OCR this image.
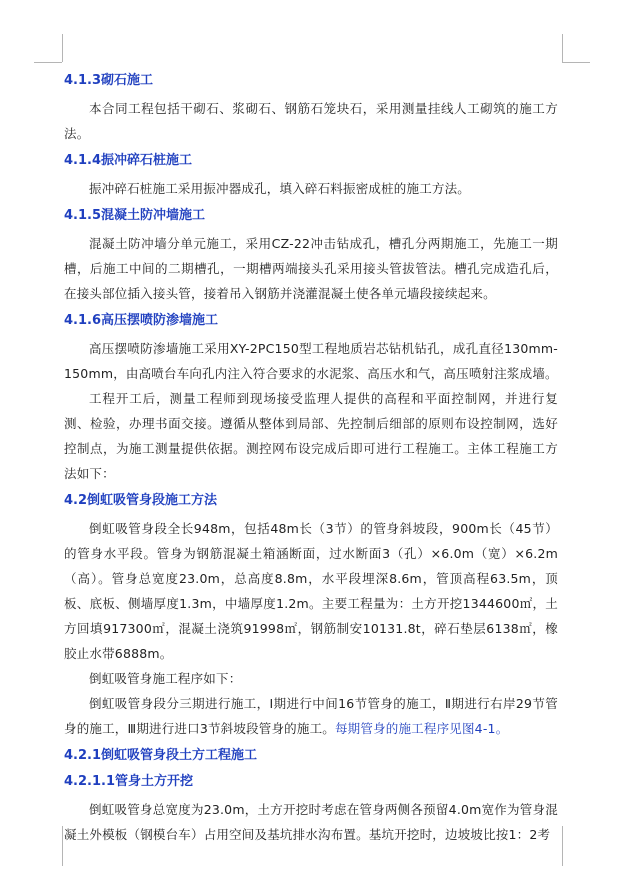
4.1.3砌石施工
本合同工程包括干砌石、浆砌石、钢筋石笼块石，采用测量挂线人工砌筑的施工方法。
4.1.4振冲碎石桩施工
振冲碎石桩施工采用振冲器成孔，填入碎石料振密成桩的施工方法。
4.1.5混凝土防冲墙施工
混凝土防冲墙分单元施工，采用CZ-22冲击钻成孔，槽孔分两期施工，先施工一期槽，后施工中间的二期槽孔，一期槽两端接头孔采用接头管拔管法。槽孔完成造孔后，在接头部位插入接头管，接着吊入钢筋并浇灌混凝土使各单元墙段接续起来。
4.1.6高压摆喷防渗墙施工
高压摆喷防渗墙施工采用XY-2PC150型工程地质岩芯钻机钻孔，成孔直径130mm-150mm，由高喷台车向孔内注入符合要求的水泥浆、高压水和气，高压喷射注浆成墙。
工程开工后，测量工程师到现场接受监理人提供的高程和平面控制网，并进行复测、检验，办理书面交接。遵循从整体到局部、先控制后细部的原则布设控制网，选好控制点，为施工测量提供依据。测控网布设完成后即可进行工程施工。主体工程施工方法如下：
4.2倒虹吸管身段施工方法
倒虹吸管身段全长948m，包括48m长（3节）的管身斜坡段，900m长（45节）的管身水平段。管身为钢筋混凝土箱涵断面，过水断面3（孔）×6.0m（宽）×6.2m（高）。管身总宽度23.0m，总高度8.8m，水平段埋深8.6m，管顶高程63.5m，顶板、底板、侧墙厚度1.3m，中墙厚度1.2m。主要工程量为：土方开挖1344600㎡，土方回填917300㎡，混凝土浇筑91998㎡，钢筋制安10131.8t，碎石垫层6138㎡，橡胶止水带6888m。
倒虹吸管身施工程序如下：
倒虹吸管身段分三期进行施工，Ⅰ期进行中间16节管身的施工，Ⅱ期进行右岸29节管身的施工，Ⅲ期进行进口3节斜坡段管身的施工。每期管身的施工程序见图4-1。
4.2.1倒虹吸管身段土方工程施工
4.2.1.1管身土方开挖
倒虹吸管身总宽度为23.0m，土方开挖时考虑在管身两侧各预留4.0m宽作为管身混凝土外模板（钢模台车）占用空间及基坑排水沟布置。基坑开挖时，边坡坡比按1：2考
